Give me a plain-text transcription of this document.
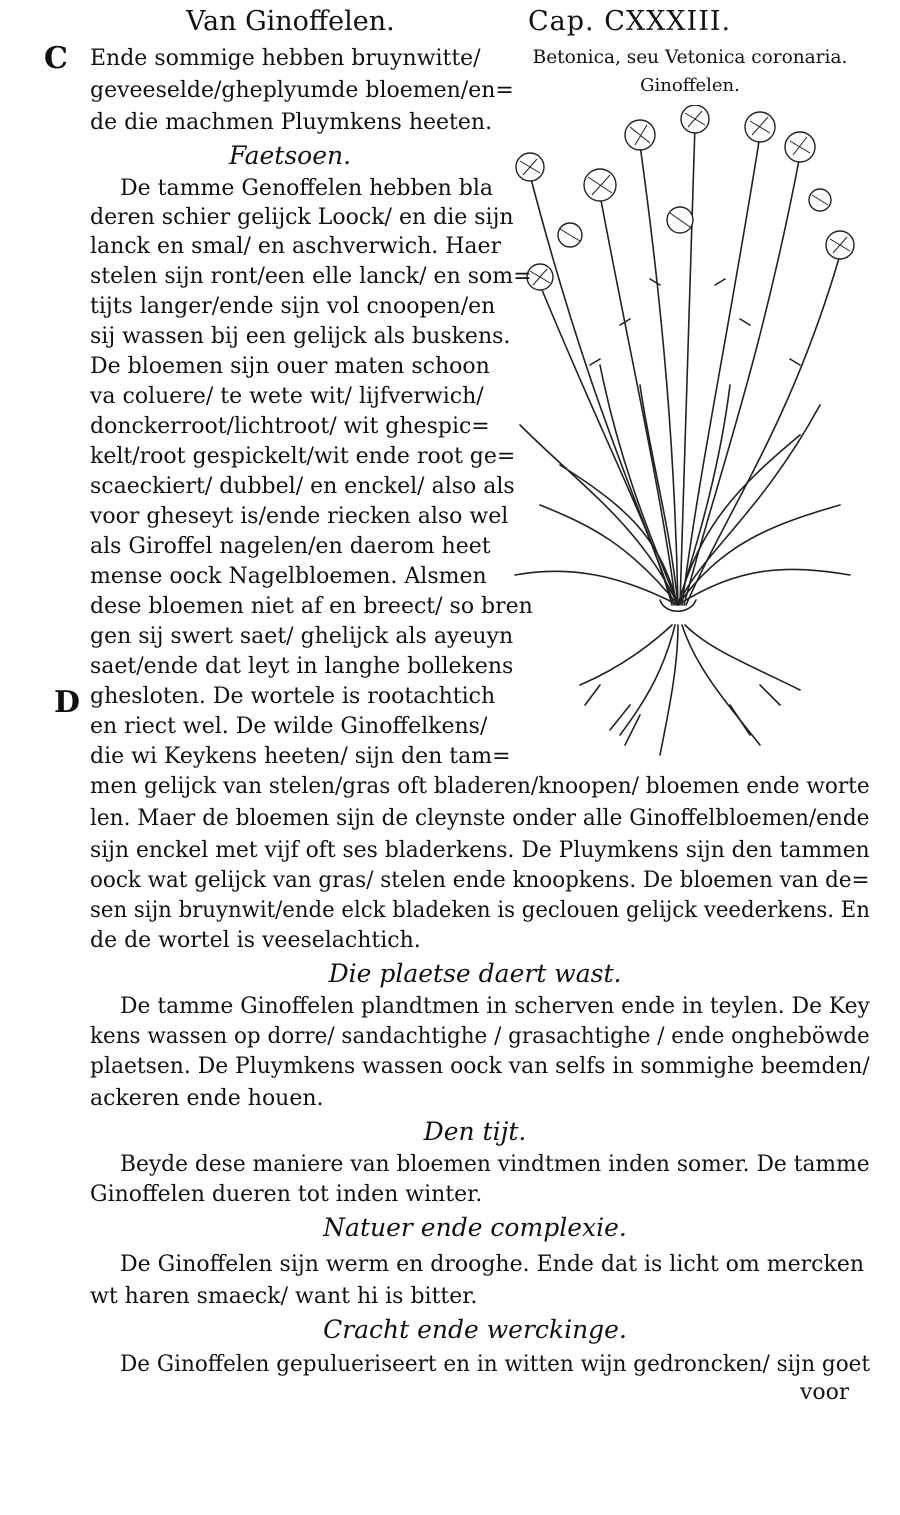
Van Ginoffelen.	Cap. CXXXIII.
Betonica, seu Vetonica coronaria.
Ginoffelen.
C
D
Ende sommige hebben bruynwitte/
geveeselde/gheplyumde bloemen/en=
de die machmen Pluymkens heeten.
Faetsoen.
De tamme Genoffelen hebben bla
deren schier gelijck Loock/ en die sijn
lanck en smal/ en aschverwich. Haer
stelen sijn ront/een elle lanck/ en som=
tijts langer/ende sijn vol cnoopen/en
sij wassen bij een gelijck als buskens.
De bloemen sijn ouer maten schoon
va coluere/ te wete wit/ lijfverwich/
donckerroot/lichtroot/ wit ghespic=
kelt/root gespickelt/wit ende root ge=
scaeckiert/ dubbel/ en enckel/ also als
voor gheseyt is/ende riecken also wel
als Giroffel nagelen/en daerom heet
mense oock Nagelbloemen. Alsmen
dese bloemen niet af en breect/ so bren
gen sij swert saet/ ghelijck als ayeuyn
saet/ende dat leyt in langhe bollekens
ghesloten. De wortele is rootachtich
en riect wel. De wilde Ginoffelkens/
die wi Keykens heeten/ sijn den tam=
men gelijck van stelen/gras oft bladeren/knoopen/ bloemen ende worte
len. Maer de bloemen sijn de cleynste onder alle Ginoffelbloemen/ende
sijn enckel met vijf oft ses bladerkens. De Pluymkens sijn den tammen
oock wat gelijck van gras/ stelen ende knoopkens. De bloemen van de=
sen sijn bruynwit/ende elck bladeken is geclouen gelijck veederkens. En
de de wortel is veeselachtich.
Die plaetse daert wast.
De tamme Ginoffelen plandtmen in scherven ende in teylen. De Key
kens wassen op dorre/ sandachtighe / grasachtighe / ende ongheböwde
plaetsen. De Pluymkens wassen oock van selfs in sommighe beemden/
ackeren ende houen.
Den tijt.
Beyde dese maniere van bloemen vindtmen inden somer. De tamme
Ginoffelen dueren tot inden winter.
Natuer ende complexie.
De Ginoffelen sijn werm en drooghe. Ende dat is licht om mercken
wt haren smaeck/ want hi is bitter.
Cracht ende werckinge.
De Ginoffelen gepulueriseert en in witten wijn gedroncken/ sijn goet
voor
